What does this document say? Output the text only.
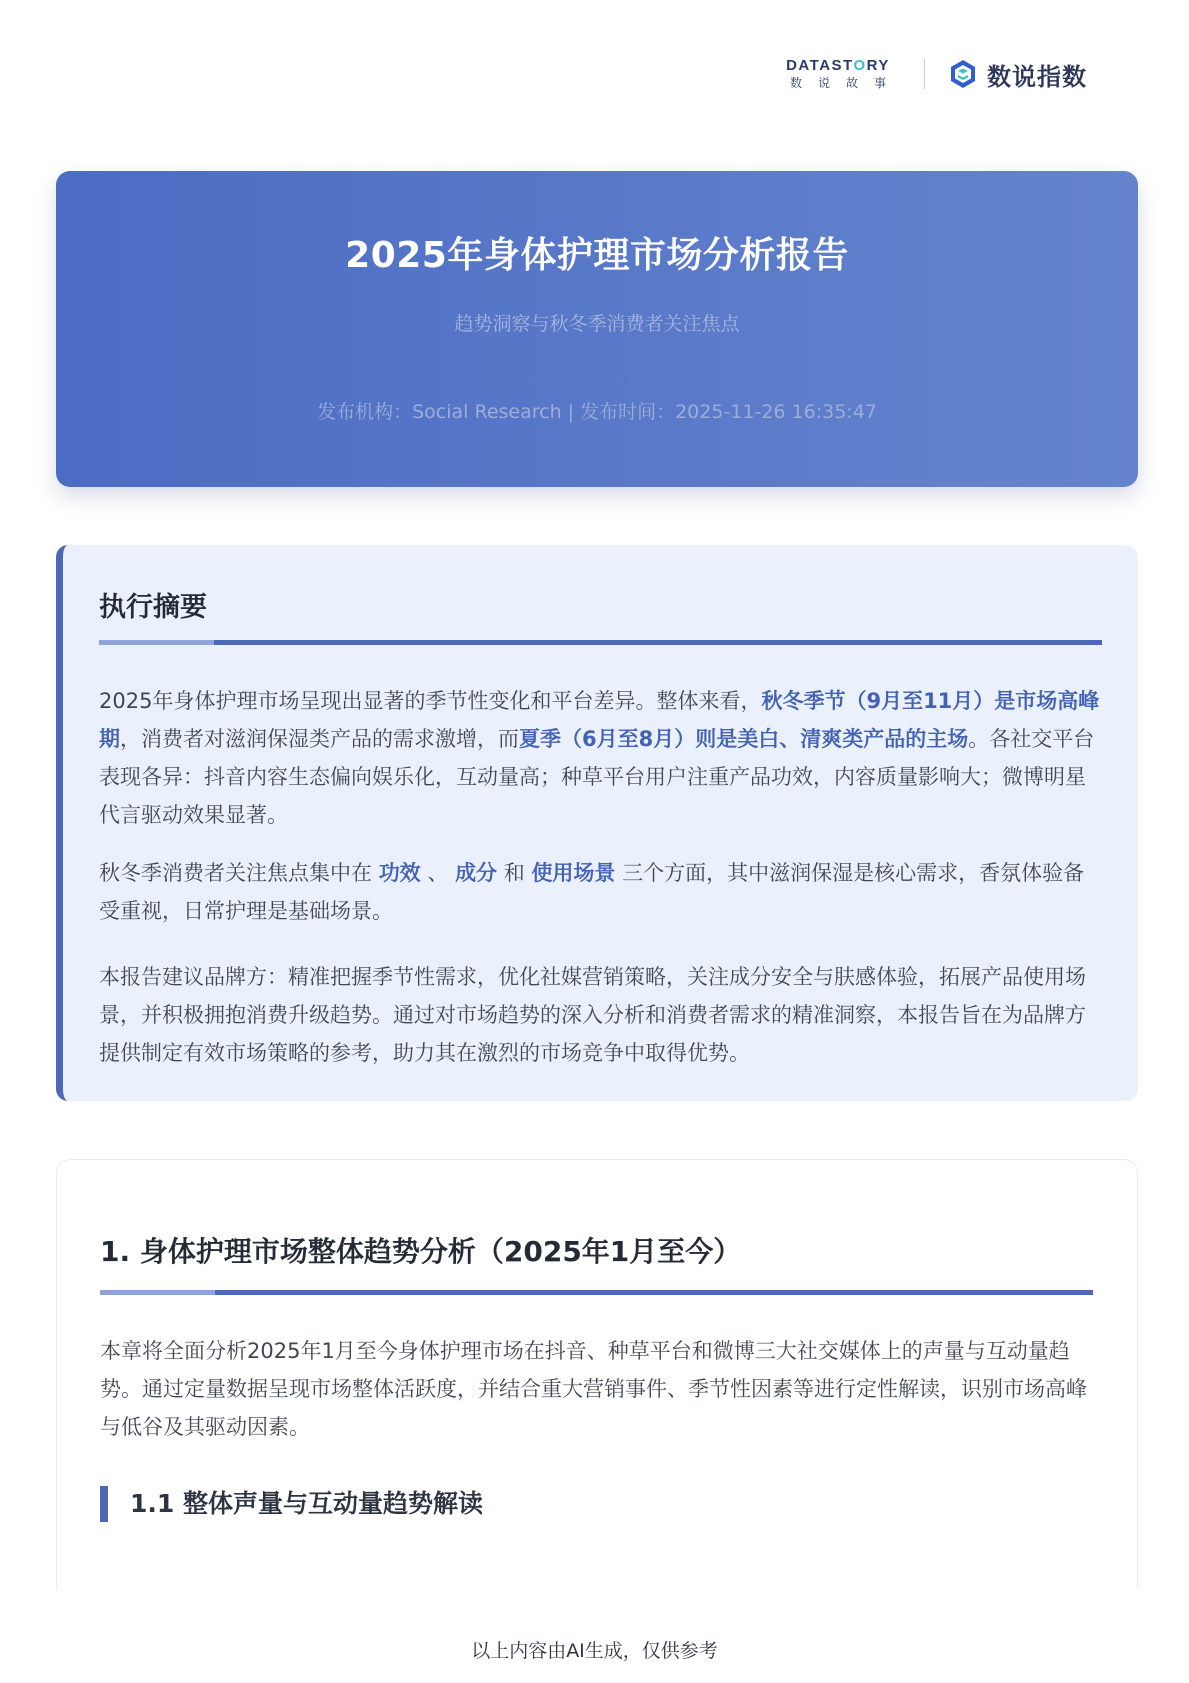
DATASTORY
数说故事	数说指数
2025年身体护理市场分析报告
趋势洞察与秋冬季消费者关注焦点
发布机构：Social Research | 发布时间：2025-11-26 16:35:47
执行摘要

2025年身体护理市场呈现出显著的季节性变化和平台差异。整体来看，秋冬季节（9月至11月）是市场高峰期，消费者对滋润保湿类产品的需求激增，而夏季（6月至8月）则是美白、清爽类产品的主场。各社交平台表现各异：抖音内容生态偏向娱乐化，互动量高；种草平台用户注重产品功效，内容质量影响大；微博明星代言驱动效果显著。

秋冬季消费者关注焦点集中在 功效 、 成分 和 使用场景 三个方面，其中滋润保湿是核心需求，香氛体验备受重视，日常护理是基础场景。

本报告建议品牌方：精准把握季节性需求，优化社媒营销策略，关注成分安全与肤感体验，拓展产品使用场景，并积极拥抱消费升级趋势。通过对市场趋势的深入分析和消费者需求的精准洞察，本报告旨在为品牌方提供制定有效市场策略的参考，助力其在激烈的市场竞争中取得优势。

1. 身体护理市场整体趋势分析（2025年1月至今）

本章将全面分析2025年1月至今身体护理市场在抖音、种草平台和微博三大社交媒体上的声量与互动量趋势。通过定量数据呈现市场整体活跃度，并结合重大营销事件、季节性因素等进行定性解读，识别市场高峰与低谷及其驱动因素。

1.1 整体声量与互动量趋势解读
以上内容由AI生成，仅供参考
